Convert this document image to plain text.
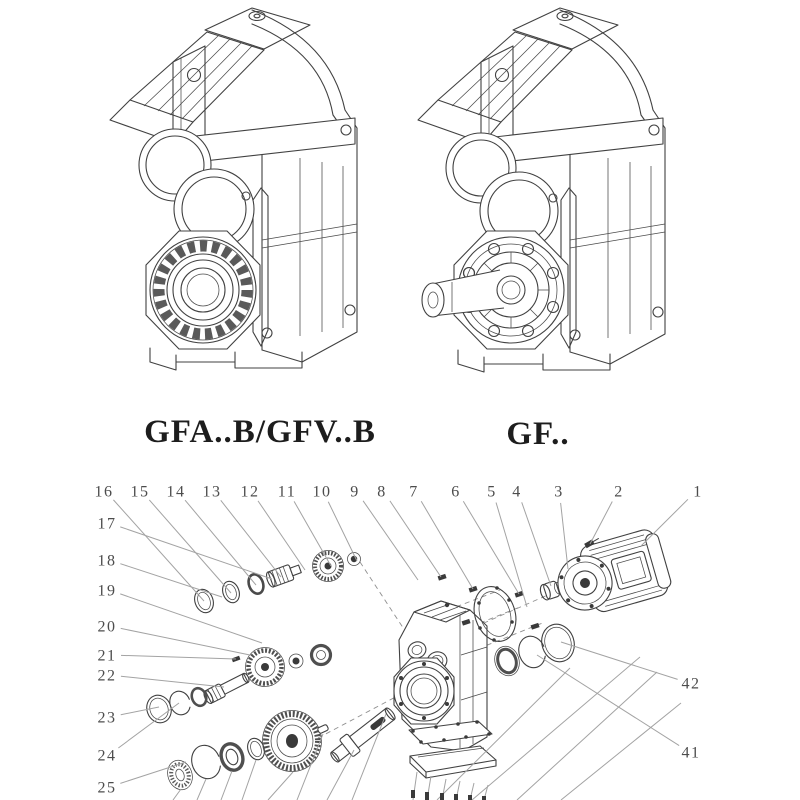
1
2
3
4
5
6
7
8
9
10
11
12
13
14
15
16
17
18
19
20
21
22
23
24
25
42
41
GFA..B/GFV..B	GF..
